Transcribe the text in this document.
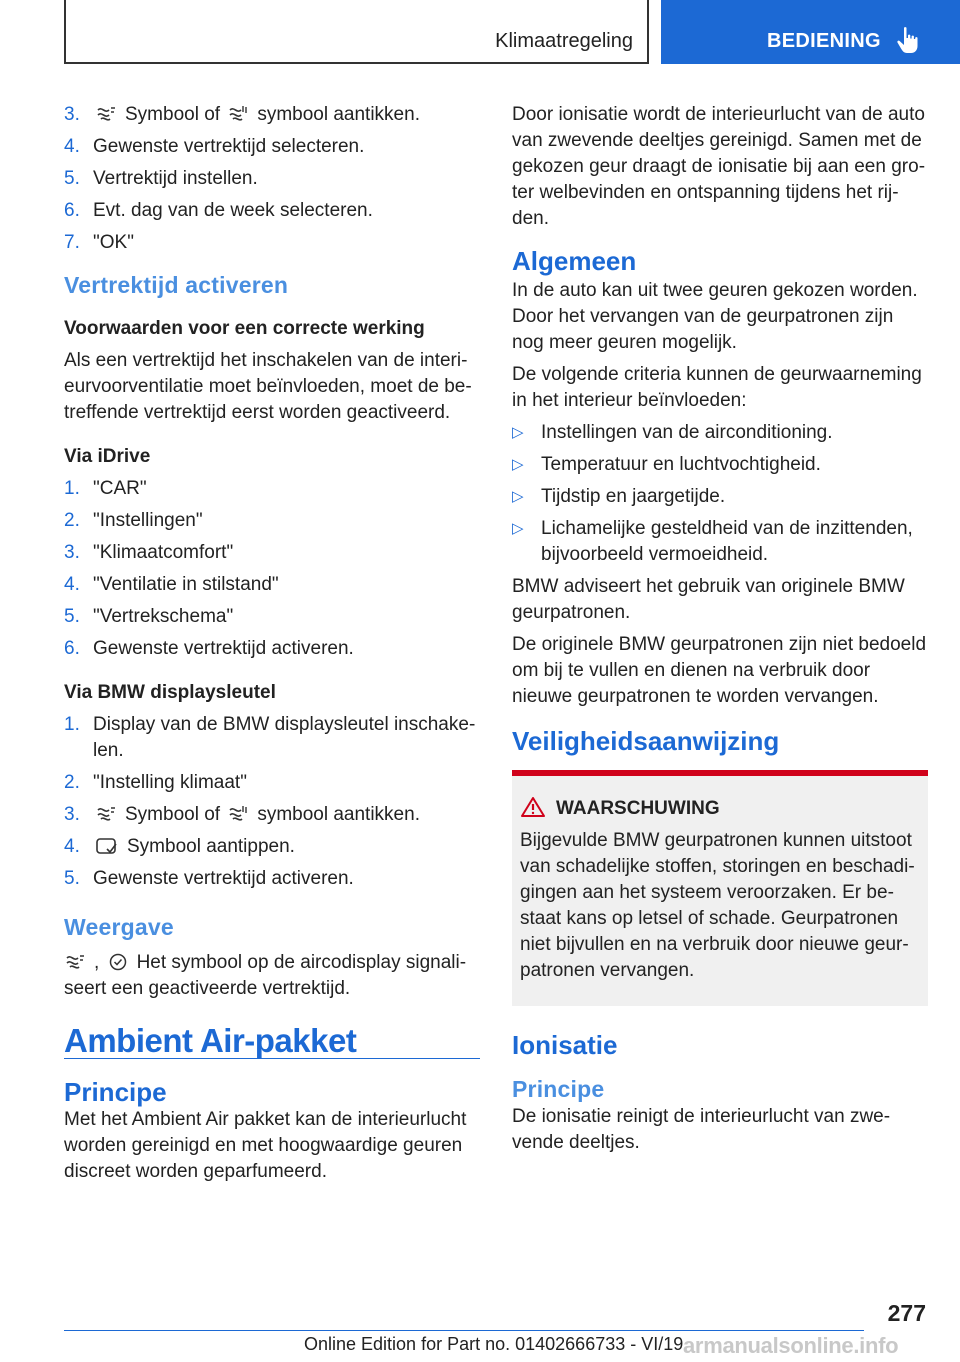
Klimaatregeling	BEDIENING
3. Symbool of symbool aantikken.
4. Gewenste vertrektijd selecteren.
5. Vertrektijd instellen.
6. Evt. dag van de week selecteren.
7. "OK"
Vertrektijd activeren
Voorwaarden voor een correcte werking

Als een vertrektijd het inschakelen van de interieurvoorventilatie moet beïnvloeden, moet de betreffende vertrektijd eerst worden geactiveerd.

Via iDrive
1. "CAR"
2. "Instellingen"
3. "Klimaatcomfort"
4. "Ventilatie in stilstand"
5. "Vertrekschema"
6. Gewenste vertrektijd activeren.
Via BMW displaysleutel
1. Display van de BMW displaysleutel inschakelen.
2. "Instelling klimaat"
3. Symbool of symbool aantikken.
4. Symbool aantippen.
5. Gewenste vertrektijd activeren.
Weergave

, Het symbool op de aircodisplay signaliseert een geactiveerde vertrektijd.

Ambient Air-pakket
Principe

Met het Ambient Air pakket kan de interieurlucht worden gereinigd en met hoogwaardige geuren discreet worden geparfumeerd.

Door ionisatie wordt de interieurlucht van de auto van zwevende deeltjes gereinigd. Samen met de gekozen geur draagt de ionisatie bij aan een groter welbevinden en ontspanning tijdens het rijden.

Algemeen

In de auto kan uit twee geuren gekozen worden. Door het vervangen van de geurpatronen zijn nog meer geuren mogelijk.

De volgende criteria kunnen de geurwaarneming in het interieur beïnvloeden:

▷ Instellingen van de airconditioning.
▷ Temperatuur en luchtvochtigheid.
▷ Tijdstip en jaargetijde.
▷ Lichamelijke gesteldheid van de inzittenden, bijvoorbeeld vermoeidheid.

BMW adviseert het gebruik van originele BMW geurpatronen.

De originele BMW geurpatronen zijn niet bedoeld om bij te vullen en dienen na verbruik door nieuwe geurpatronen te worden vervangen.

Veiligheidsaanwijzing
WAARSCHUWING

Bijgevulde BMW geurpatronen kunnen uitstoot van schadelijke stoffen, storingen en beschadigingen aan het systeem veroorzaken. Er bestaat kans op letsel of schade. Geurpatronen niet bijvullen en na verbruik door nieuwe geurpatronen vervangen.

Ionisatie
Principe

De ionisatie reinigt de interieurlucht van zwevende deeltjes.

277
Online Edition for Part no. 01402666733 - VI/19 armanualsonline.info
